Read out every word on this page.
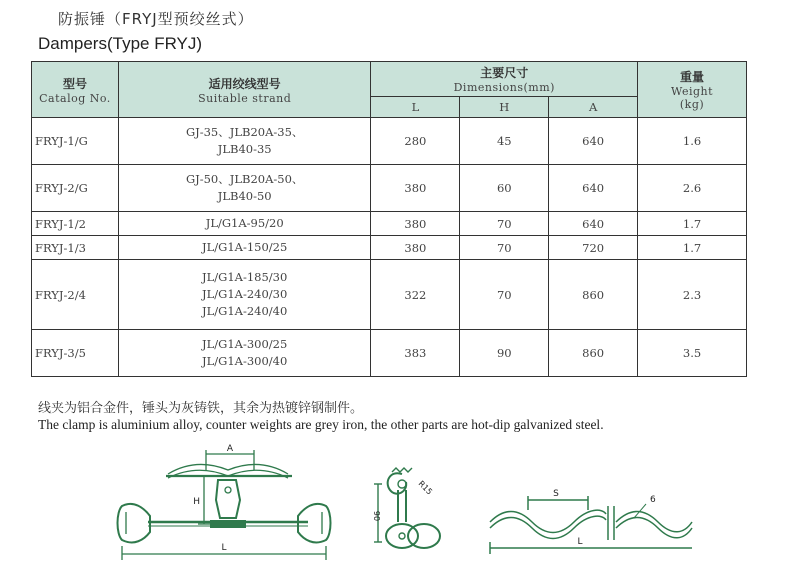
防振锤（FRYJ型预绞丝式）
Dampers(Type FRYJ)
型号
Catalog No.	适用绞线型号
Suitable strand	主要尺寸
Dimensions(mm)			重量
Weight
(kg)

		L	H	A	
FRYJ-1/G	GJ-35、JLB20A-35、
JLB40-35	280	45	640	1.6
FRYJ-2/G	GJ-50、JLB20A-50、
JLB40-50	380	60	640	2.6
FRYJ-1/2	JL/G1A-95/20	380	70	640	1.7
FRYJ-1/3	JL/G1A-150/25	380	70	720	1.7
FRYJ-2/4	JL/G1A-185/30
JL/G1A-240/30
JL/G1A-240/40	322	70	860	2.3
FRYJ-3/5	JL/G1A-300/25
JL/G1A-300/40	383	90	860	3.5
线夹为铝合金件，锤头为灰铸铁，其余为热镀锌钢制件。
The clamp is aluminium alloy, counter weights are grey iron, the other parts are hot-dip galvanized steel.
A
H
L
R15
90
S
L
6
